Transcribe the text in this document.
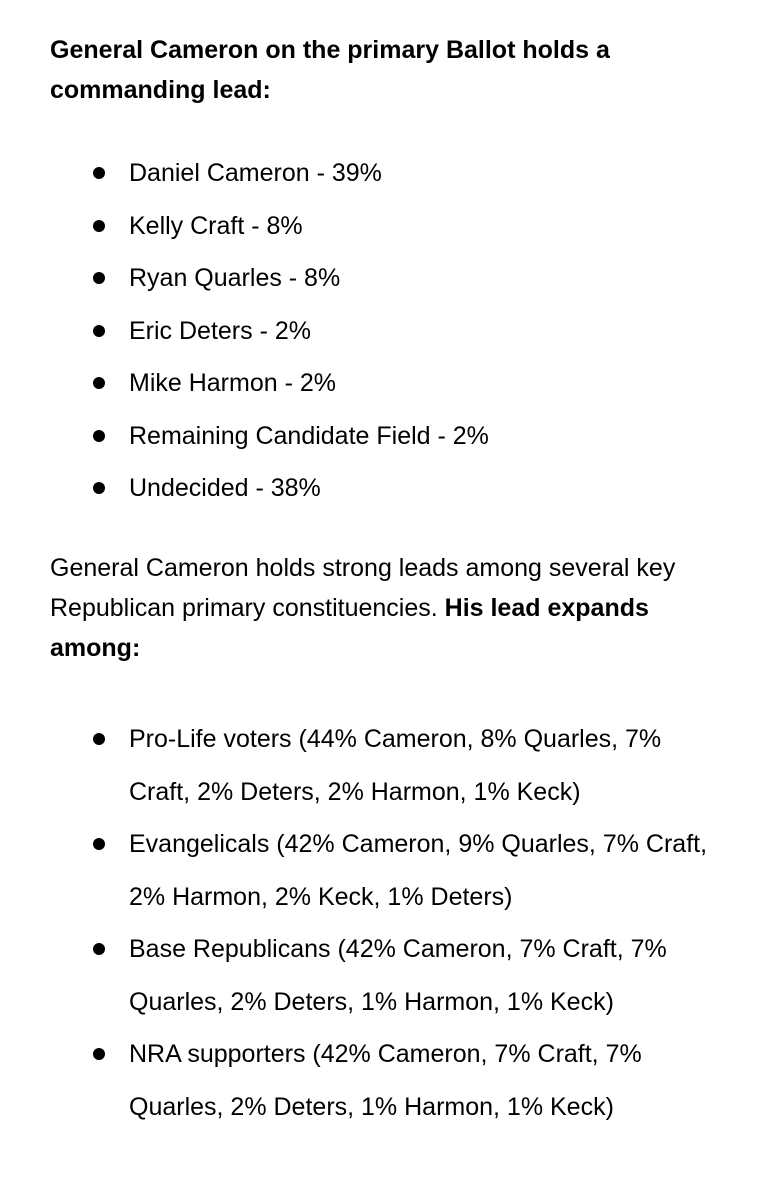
General Cameron on the primary Ballot holds a commanding lead:
Daniel Cameron - 39%
Kelly Craft - 8%
Ryan Quarles - 8%
Eric Deters - 2%
Mike Harmon - 2%
Remaining Candidate Field - 2%
Undecided - 38%

General Cameron holds strong leads among several key Republican primary constituencies. His lead expands among:

Pro-Life voters (44% Cameron, 8% Quarles, 7% Craft, 2% Deters, 2% Harmon, 1% Keck)
Evangelicals (42% Cameron, 9% Quarles, 7% Craft, 2% Harmon, 2% Keck, 1% Deters)
Base Republicans (42% Cameron, 7% Craft, 7% Quarles, 2% Deters, 1% Harmon, 1% Keck)
NRA supporters (42% Cameron, 7% Craft, 7% Quarles, 2% Deters, 1% Harmon, 1% Keck)
